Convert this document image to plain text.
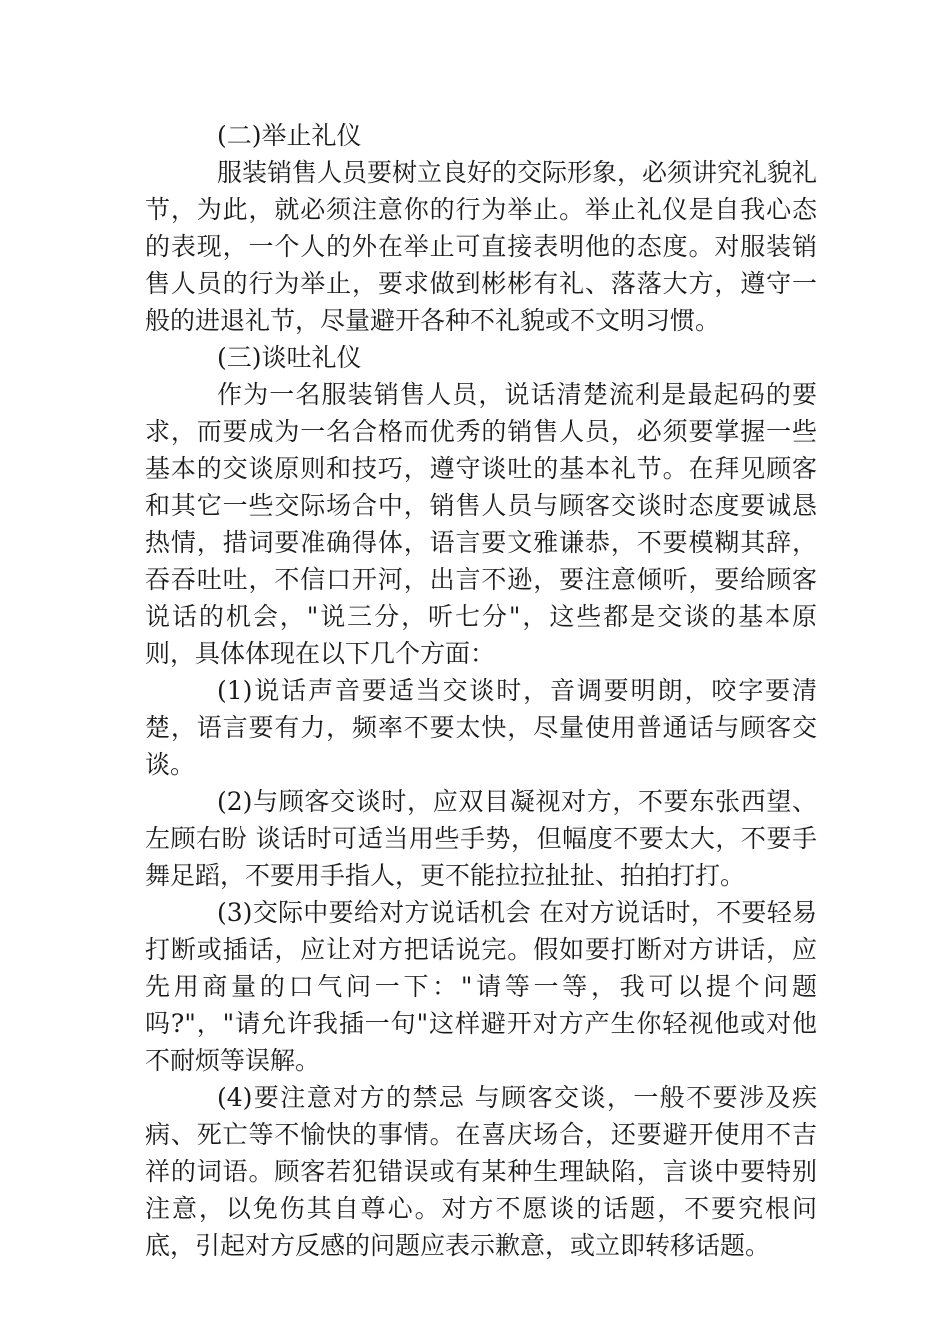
(二)举止礼仪

服装销售人员要树立良好的交际形象，必须讲究礼貌礼节，为此，就必须注意你的行为举止。举止礼仪是自我心态的表现，一个人的外在举止可直接表明他的态度。对服装销售人员的行为举止，要求做到彬彬有礼、落落大方，遵守一般的进退礼节，尽量避开各种不礼貌或不文明习惯。

(三)谈吐礼仪

作为一名服装销售人员，说话清楚流利是最起码的要求，而要成为一名合格而优秀的销售人员，必须要掌握一些基本的交谈原则和技巧，遵守谈吐的基本礼节。在拜见顾客和其它一些交际场合中，销售人员与顾客交谈时态度要诚恳热情，措词要准确得体，语言要文雅谦恭，不要模糊其辞，吞吞吐吐，不信口开河，出言不逊，要注意倾听，要给顾客说话的机会，"说三分，听七分"，这些都是交谈的基本原则，具体体现在以下几个方面：

(1)说话声音要适当交谈时，音调要明朗，咬字要清楚，语言要有力，频率不要太快，尽量使用普通话与顾客交谈。

(2)与顾客交谈时，应双目凝视对方，不要东张西望、左顾右盼 谈话时可适当用些手势，但幅度不要太大，不要手舞足蹈，不要用手指人，更不能拉拉扯扯、拍拍打打。

(3)交际中要给对方说话机会 在对方说话时，不要轻易打断或插话，应让对方把话说完。假如要打断对方讲话，应先用商量的口气问一下："请等一等，我可以提个问题吗?"，"请允许我插一句"这样避开对方产生你轻视他或对他不耐烦等误解。

(4)要注意对方的禁忌 与顾客交谈，一般不要涉及疾病、死亡等不愉快的事情。在喜庆场合，还要避开使用不吉祥的词语。顾客若犯错误或有某种生理缺陷，言谈中要特别注意，以免伤其自尊心。对方不愿谈的话题，不要究根问底，引起对方反感的问题应表示歉意，或立即转移话题。
